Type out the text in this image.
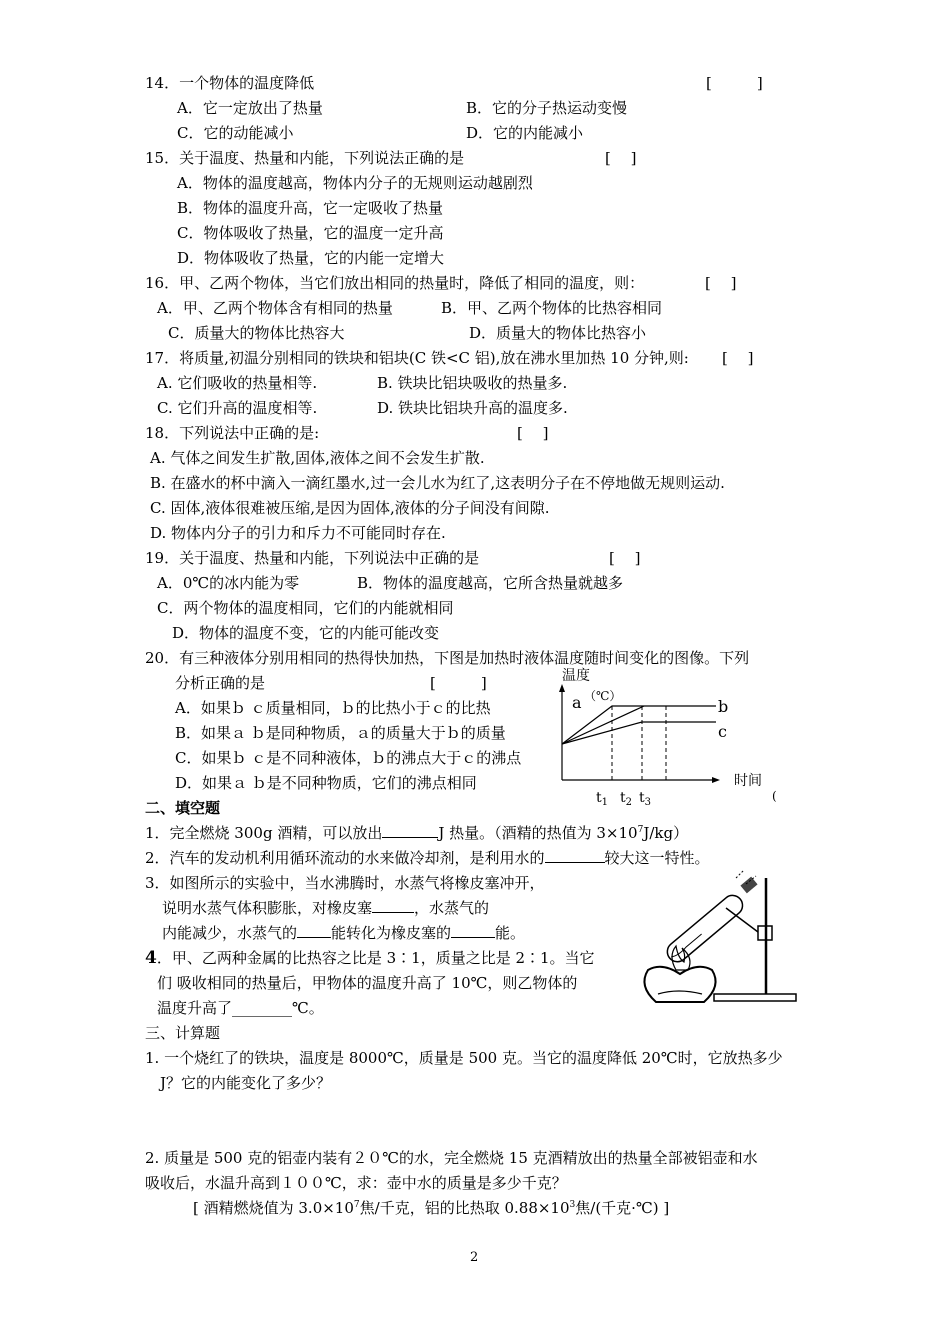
14．一个物体的温度降低	[　　　]
A．它一定放出了热量	B．它的分子热运动变慢
C．它的动能减小	D．它的内能减小
15．关于温度、热量和内能，下列说法正确的是	[　 ]
A．物体的温度越高，物体内分子的无规则运动越剧烈
B．物体的温度升高，它一定吸收了热量
C．物体吸收了热量，它的温度一定升高
D．物体吸收了热量，它的内能一定增大
16．甲、乙两个物体，当它们放出相同的热量时，降低了相同的温度，则：	[　 ]
A．甲、乙两个物体含有相同的热量	B．甲、乙两个物体的比热容相同
C．质量大的物体比热容大	D．质量大的物体比热容小
17．将质量,初温分别相同的铁块和铝块(C 铁<C 铝),放在沸水里加热 10 分钟,则: [　 ]
A. 它们吸收的热量相等.	B. 铁块比铝块吸收的热量多.
C. 它们升高的温度相等.	D. 铁块比铝块升高的温度多.
18．下列说法中正确的是:	[　 ]
A. 气体之间发生扩散,固体,液体之间不会发生扩散.
B. 在盛水的杯中滴入一滴红墨水,过一会儿水为红了,这表明分子在不停地做无规则运动.
C. 固体,液体很难被压缩,是因为固体,液体的分子间没有间隙.
D. 物体内分子的引力和斥力不可能同时存在.
19．关于温度、热量和内能，下列说法中正确的是	[　 ]
A．0℃的冰内能为零	B．物体的温度越高，它所含热量就越多
C．两个物体的温度相同，它们的内能就相同
D．物体的温度不变，它的内能可能改变
20．有三种液体分别用相同的热得快加热，下图是加热时液体温度随时间变化的图像。下列
分析正确的是	[　　　]
A．如果ｂ ｃ质量相同，ｂ的比热小于ｃ的比热
B．如果ａ ｂ是同种物质，ａ的质量大于ｂ的质量
C．如果ｂ ｃ是不同种液体，ｂ的沸点大于ｃ的沸点
D．如果ａ ｂ是不同种物质，它们的沸点相同
温度
（℃）
a	b
c
时间
(
$t_1$ $t_2$ $t_3$
二、填空题
1．完全燃烧 300g 酒精，可以放出	J 热量。（酒精的热值为 $3\times 10^7J/kg$）
2．汽车的发动机利用循环流动的水来做冷却剂，是利用水的	较大这一特性。
3．如图所示的实验中，当水沸腾时，水蒸气将橡皮塞冲开，
说明水蒸气体积膨胀，对橡皮塞	，水蒸气的
内能减少，水蒸气的 能转化为橡皮塞的	能。
4．甲、乙两种金属的比热容之比是 3∶1，质量之比是 2∶1。当它
们 吸收相同的热量后，甲物体的温度升高了 10℃，则乙物体的
温度升高了________℃。
三、计算题
1. 一个烧红了的铁块，温度是 8000℃，质量是 500 克。当它的温度降低 20℃时，它放热多少
J？它的内能变化了多少？
2. 质量是 500 克的铝壶内装有２０℃的水，完全燃烧 15 克酒精放出的热量全部被铝壶和水
吸收后，水温升高到１００℃，求：壶中水的质量是多少千克？
[ 酒精燃烧值为 $3.0\times 10^7$焦/千克，铝的比热取 $0.88\times 10^3$焦/(千克·℃) ]
2
